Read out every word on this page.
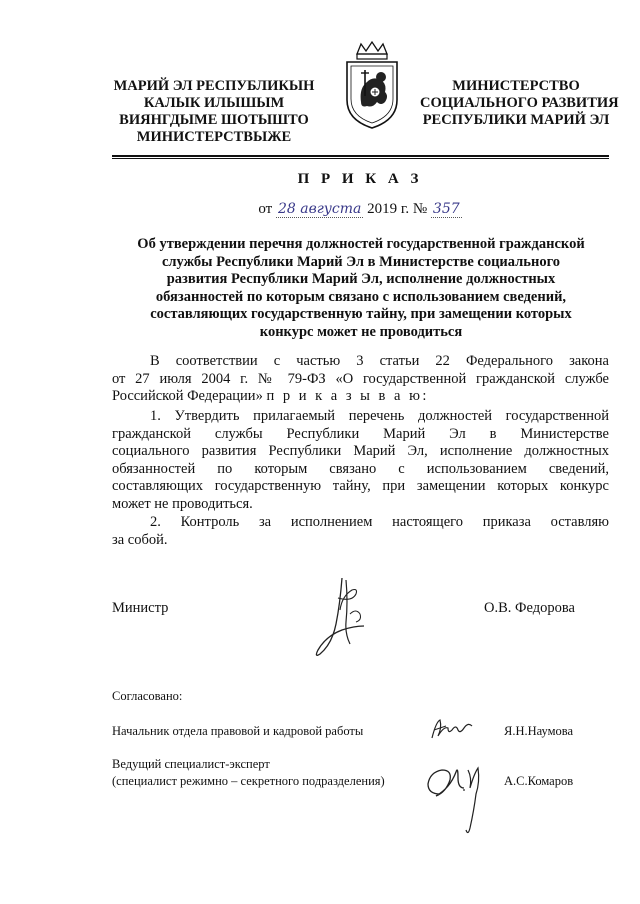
МАРИЙ ЭЛ РЕСПУБЛИКЫН
КАЛЫК ИЛЫШЫМ
ВИЯНГДЫМЕ ШОТЫШТО
МИНИСТЕРСТВЫЖЕ
МИНИСТЕРСТВО
СОЦИАЛЬНОГО РАЗВИТИЯ
РЕСПУБЛИКИ МАРИЙ ЭЛ
П Р И К А З
от 28 августа 2019 г. № 357
Об утверждении перечня должностей государственной гражданской
службы Республики Марий Эл в Министерстве социального
развития Республики Марий Эл, исполнение должностных
обязанностей по которым связано с использованием сведений,
составляющих государственную тайну, при замещении которых
конкурс может не проводиться
В соответствии с частью 3 статьи 22 Федерального закона
от 27 июля 2004 г. № 79-ФЗ «О государственной гражданской службе
Российской Федерации» п р и к а з ы в а ю:
1. Утвердить прилагаемый перечень должностей государственной
гражданской службы Республики Марий Эл в Министерстве
социального развития Республики Марий Эл, исполнение должностных
обязанностей по которым связано с использованием сведений,
составляющих государственную тайну, при замещении которых конкурс
может не проводиться.
2. Контроль за исполнением настоящего приказа оставляю
за собой.
Министр	О.В. Федорова
Согласовано:
Начальник отдела правовой и кадровой работы	Я.Н.Наумова
Ведущий специалист-эксперт
(специалист режимно – секретного подразделения)	А.С.Комаров
